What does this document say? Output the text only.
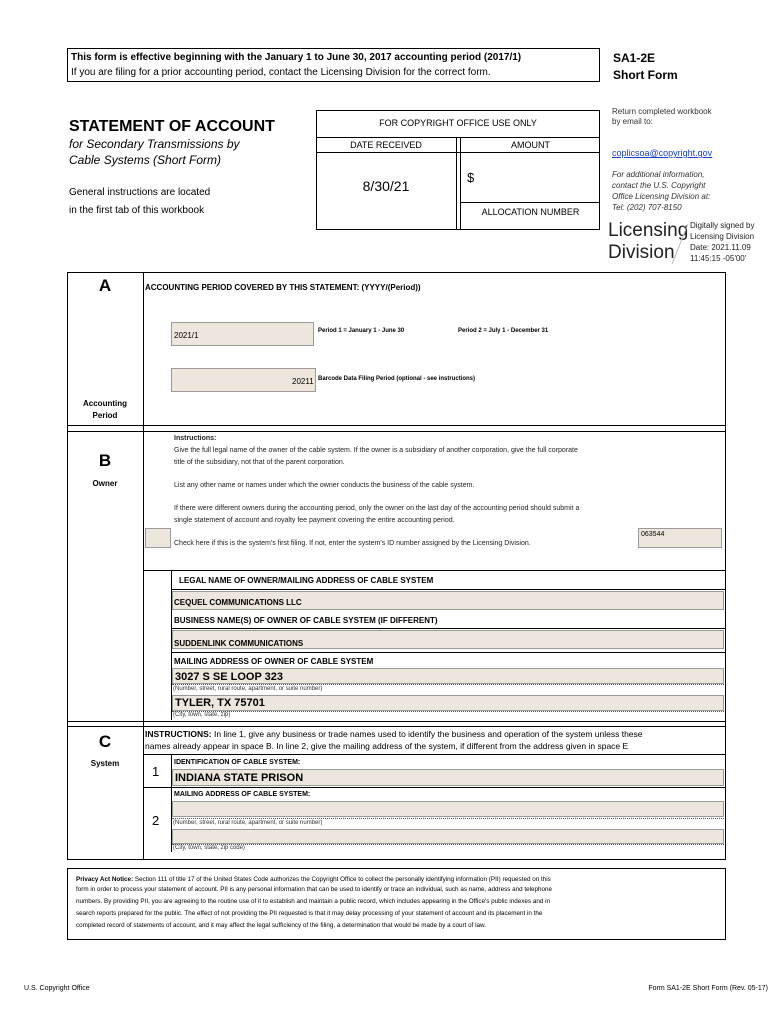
This form is effective beginning with the January 1 to June 30, 2017 accounting period (2017/1)
If you are filing for a prior accounting period, contact the Licensing Division for the correct form.
SA1-2E
Short Form
STATEMENT OF ACCOUNT
for Secondary Transmissions by
Cable Systems (Short Form)
General instructions are located
in the first tab of this workbook
FOR COPYRIGHT OFFICE USE ONLY
DATE RECEIVED	AMOUNT
8/30/21
$
ALLOCATION NUMBER
Return completed workbook
by email to:
coplicsoa@copyright.gov
For additional information,
contact the U.S. Copyright
Office Licensing Division at:
Tel: (202) 707-8150
Licensing
Division
Digitally signed by
Licensing Division
Date: 2021.11.09
11:45:15 -05'00'
A
Accounting
Period
ACCOUNTING PERIOD COVERED BY THIS STATEMENT: (YYYY/(Period))
2021/1	Period 1 = January 1 - June 30	Period 2 = July 1 - December 31
20211 Barcode Data Filing Period (optional - see instructions)
B
Owner
Instructions:
Give the full legal name of the owner of the cable system. If the owner is a subsidiary of another corporation, give the full corporate
title of the subsidiary, not that of the parent corporation.
List any other name or names under which the owner conducts the business of the cable system.
If there were different owners during the accounting period, only the owner on the last day of the accounting period should submit a
single statement of account and royalty fee payment covering the entire accounting period.
Check here if this is the system's first filing. If not, enter the system's ID number assigned by the Licensing Division.
063544
LEGAL NAME OF OWNER/MAILING ADDRESS OF CABLE SYSTEM
CEQUEL COMMUNICATIONS LLC
BUSINESS NAME(S) OF OWNER OF CABLE SYSTEM (IF DIFFERENT)
SUDDENLINK COMMUNICATIONS
MAILING ADDRESS OF OWNER OF CABLE SYSTEM
3027 S SE LOOP 323
(Number, street, rural route, apartment, or suite number)
TYLER, TX 75701
(City, town, state, zip)
C
System
INSTRUCTIONS: In line 1, give any business or trade names used to identify the business and operation of the system unless these
names already appear in space B. In line 2, give the mailing address of the system, if different from the address given in space E
1
IDENTIFICATION OF CABLE SYSTEM:
INDIANA STATE PRISON
2
MAILING ADDRESS OF CABLE SYSTEM:
(Number, street, rural route, apartment, or suite number)
(City, town, state, zip code)
Privacy Act Notice: Section 111 of title 17 of the United States Code authorizes the Copyright Office to collect the personally identifying information (PII) requested on this
form in order to process your statement of account. PII is any personal information that can be used to identify or trace an individual, such as name, address and telephone
numbers. By providing PII, you are agreeing to the routine use of it to establish and maintain a public record, which includes appearing in the Office's public indexes and in
search reports prepared for the public. The effect of not providing the PII requested is that it may delay processing of your statement of account and its placement in the
completed record of statements of account, and it may affect the legal sufficiency of the filing, a determination that would be made by a court of law.
U.S. Copyright Office	Form SA1-2E Short Form (Rev. 05-17)
